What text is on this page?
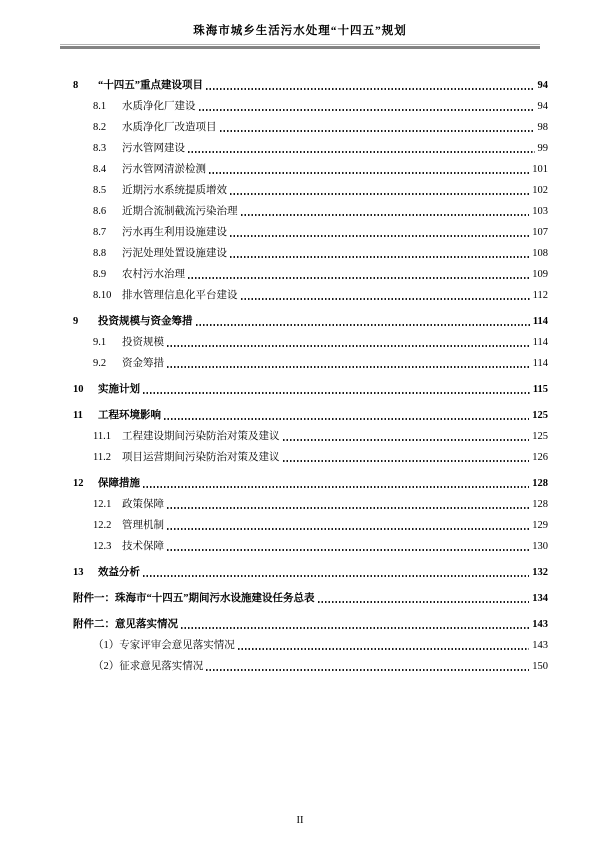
珠海市城乡生活污水处理“十四五”规划
8	“十四五”重点建设项目	94
8.1	水质净化厂建设	94
8.2	水质净化厂改造项目	98
8.3	污水管网建设	99
8.4	污水管网清淤检测	101
8.5	近期污水系统提质增效	102
8.6	近期合流制截流污染治理	103
8.7	污水再生利用设施建设	107
8.8	污泥处理处置设施建设	108
8.9	农村污水治理	109
8.10	排水管理信息化平台建设	112
9	投资规模与资金筹措	114
9.1	投资规模	114
9.2	资金筹措	114
10	实施计划	115
11	工程环境影响	125
11.1	工程建设期间污染防治对策及建议	125
11.2	项目运营期间污染防治对策及建议	126
12	保障措施	128
12.1	政策保障	128
12.2	管理机制	129
12.3	技术保障	130
13	效益分析	132
附件一：珠海市“十四五”期间污水设施建设任务总表	134
附件二：意见落实情况	143
（1）专家评审会意见落实情况	143
（2）征求意见落实情况	150
II
